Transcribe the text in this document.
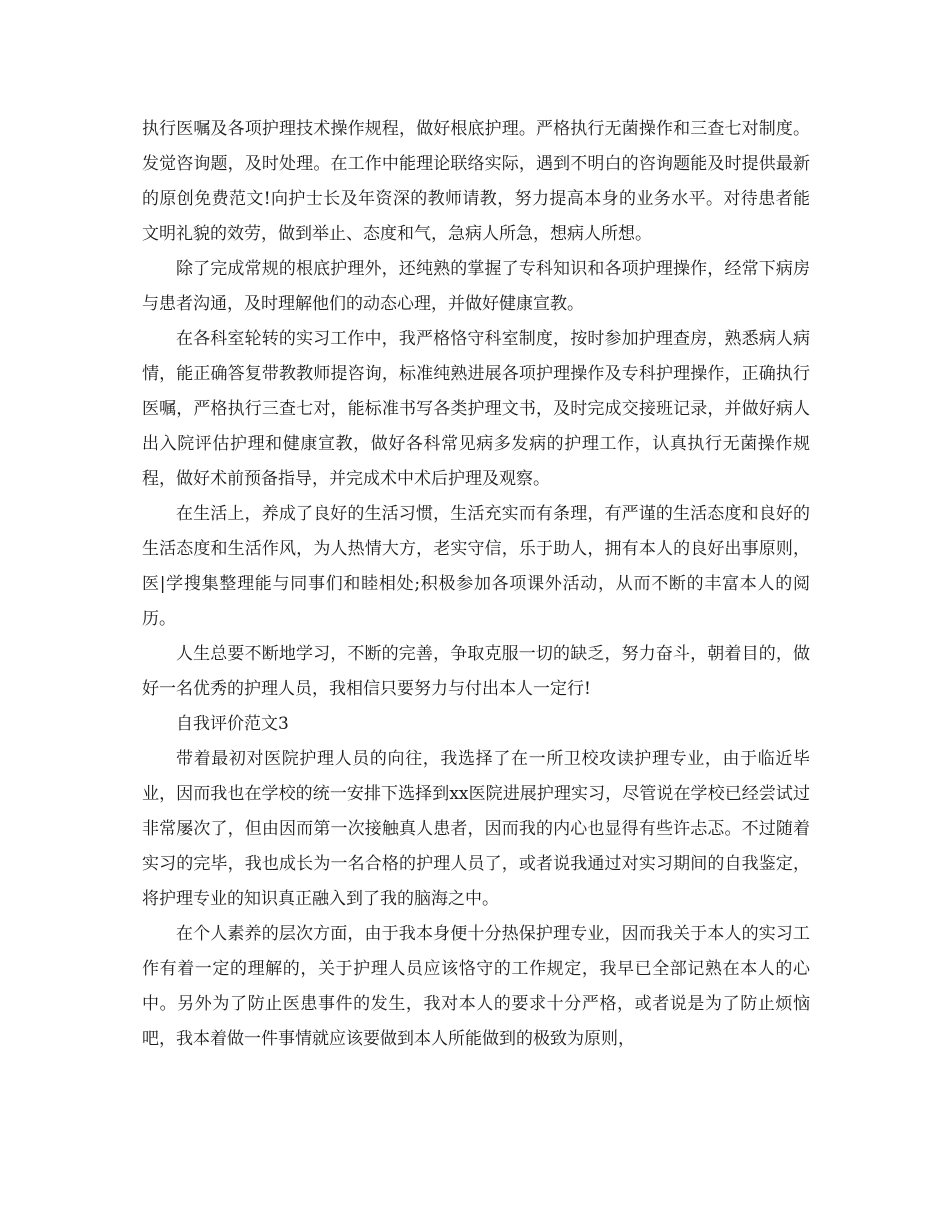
执行医嘱及各项护理技术操作规程，做好根底护理。严格执行无菌操作和三查七对制度。发觉咨询题，及时处理。在工作中能理论联络实际，遇到不明白的咨询题能及时提供最新的原创免费范文!向护士长及年资深的教师请教，努力提高本身的业务水平。对待患者能文明礼貌的效劳，做到举止、态度和气，急病人所急，想病人所想。

除了完成常规的根底护理外，还纯熟的掌握了专科知识和各项护理操作，经常下病房与患者沟通，及时理解他们的动态心理，并做好健康宣教。

在各科室轮转的实习工作中，我严格恪守科室制度，按时参加护理查房，熟悉病人病情，能正确答复带教教师提咨询，标准纯熟进展各项护理操作及专科护理操作，正确执行医嘱，严格执行三查七对，能标准书写各类护理文书，及时完成交接班记录，并做好病人出入院评估护理和健康宣教，做好各科常见病多发病的护理工作，认真执行无菌操作规程，做好术前预备指导，并完成术中术后护理及观察。

在生活上，养成了良好的生活习惯，生活充实而有条理，有严谨的生活态度和良好的生活态度和生活作风，为人热情大方，老实守信，乐于助人，拥有本人的良好出事原则，医|学搜集整理能与同事们和睦相处;积极参加各项课外活动，从而不断的丰富本人的阅历。

人生总要不断地学习，不断的完善，争取克服一切的缺乏，努力奋斗，朝着目的，做好一名优秀的护理人员，我相信只要努力与付出本人一定行!

自我评价范文3

带着最初对医院护理人员的向往，我选择了在一所卫校攻读护理专业，由于临近毕业，因而我也在学校的统一安排下选择到xx医院进展护理实习，尽管说在学校已经尝试过非常屡次了，但由因而第一次接触真人患者，因而我的内心也显得有些许忐忑。不过随着实习的完毕，我也成长为一名合格的护理人员了，或者说我通过对实习期间的自我鉴定，将护理专业的知识真正融入到了我的脑海之中。

在个人素养的层次方面，由于我本身便十分热保护理专业，因而我关于本人的实习工作有着一定的理解的，关于护理人员应该恪守的工作规定，我早已全部记熟在本人的心中。另外为了防止医患事件的发生，我对本人的要求十分严格，或者说是为了防止烦恼吧，我本着做一件事情就应该要做到本人所能做到的极致为原则，
